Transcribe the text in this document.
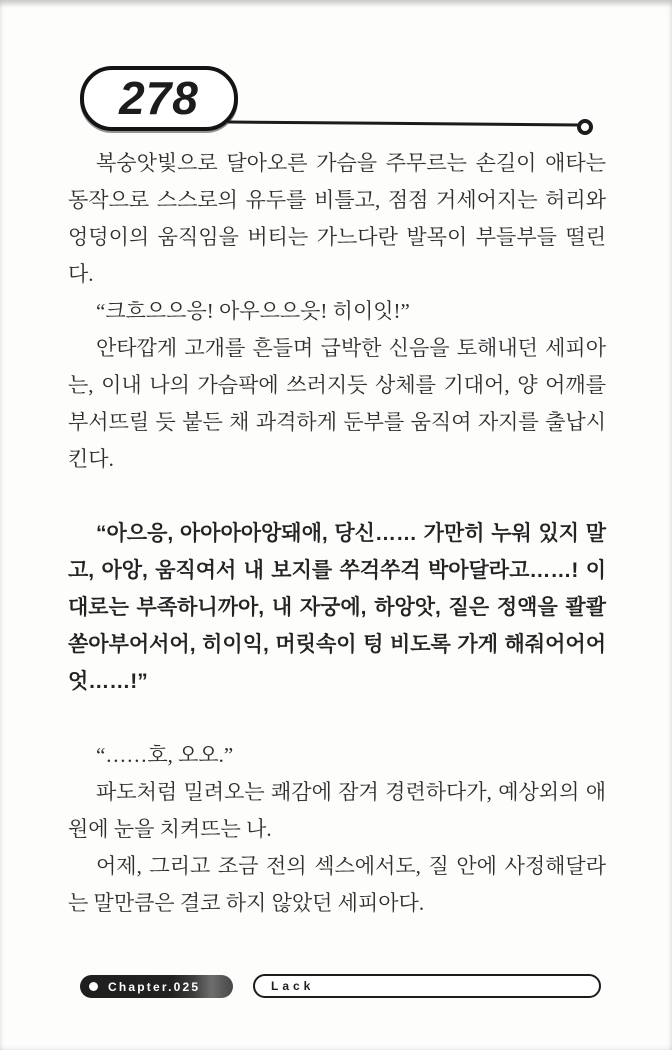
278

복숭앗빛으로 달아오른 가슴을 주무르는 손길이 애타는 동작으로 스스로의 유두를 비틀고, 점점 거세어지는 허리와 엉덩이의 움직임을 버티는 가느다란 발목이 부들부들 떨린다.

“크흐으으응! 아우으으읏! 히이잇!”

안타깝게 고개를 흔들며 급박한 신음을 토해내던 세피아는, 이내 나의 가슴팍에 쓰러지듯 상체를 기대어, 양 어깨를 부서뜨릴 듯 붙든 채 과격하게 둔부를 움직여 자지를 출납시킨다.

“아으응, 아아아아앙돼애, 당신…… 가만히 누워 있지 말고, 아앙, 움직여서 내 보지를 쑤걱쑤걱 박아달라고……! 이대로는 부족하니까아, 내 자궁에, 하앙앗, 짙은 정액을 콸콸 쏟아부어서어, 히이익, 머릿속이 텅 비도록 가게 해줘어어어엇……!”

“……호, 오오.”

파도처럼 밀려오는 쾌감에 잠겨 경련하다가, 예상외의 애원에 눈을 치켜뜨는 나.

어제, 그리고 조금 전의 섹스에서도, 질 안에 사정해달라는 말만큼은 결코 하지 않았던 세피아다.

Chapter.025	Lack
